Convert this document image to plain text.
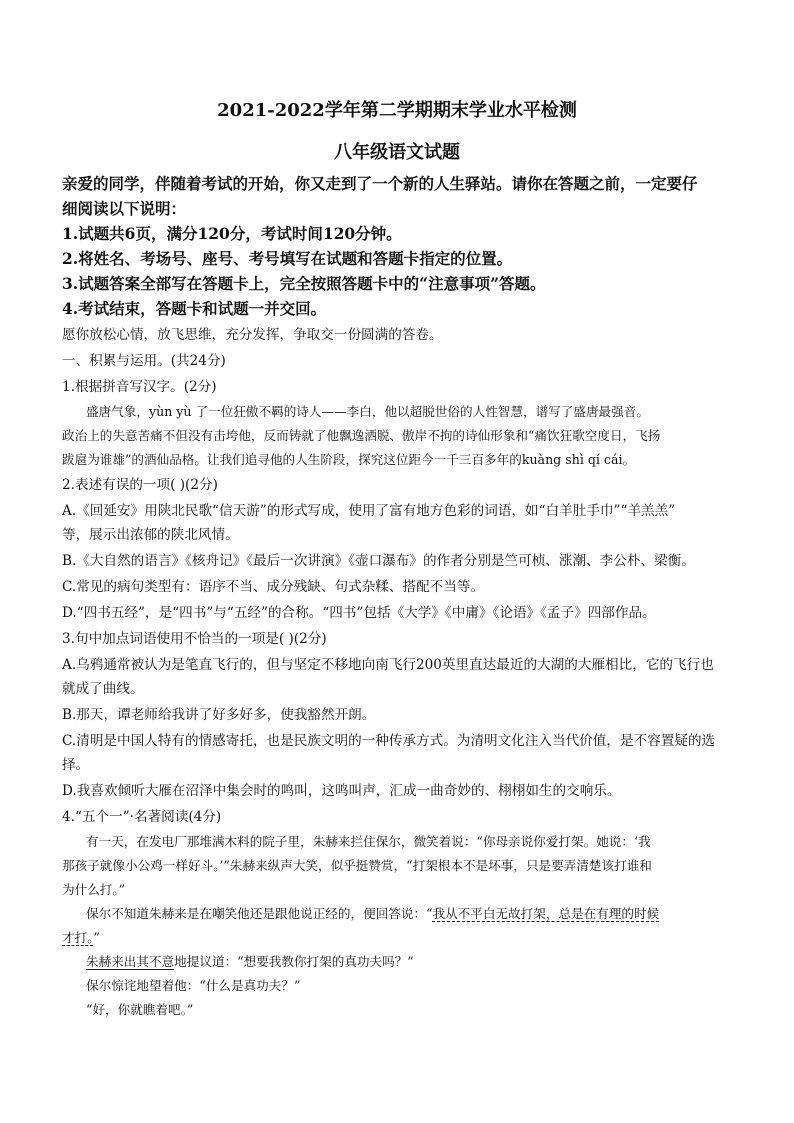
2021-2022学年第二学期期末学业水平检测
八年级语文试题
亲爱的同学，伴随着考试的开始，你又走到了一个新的人生驿站。请你在答题之前，一定要仔
细阅读以下说明：
1.试题共6页，满分120分，考试时间120分钟。
2.将姓名、考场号、座号、考号填写在试题和答题卡指定的位置。
3.试题答案全部写在答题卡上，完全按照答题卡中的“注意事项”答题。
4.考试结束，答题卡和试题一并交回。
愿你放松心情，放飞思维，充分发挥，争取交一份圆满的答卷。
一、积累与运用。(共24分)
1.根据拼音写汉字。(2分)
盛唐气象，yùn yù 了一位狂傲不羁的诗人——李白，他以超脱世俗的人性智慧，谱写了盛唐最强音。
政治上的失意苦痛不但没有击垮他，反而铸就了他飘逸洒脱、傲岸不拘的诗仙形象和“痛饮狂歌空度日，飞扬
跋扈为谁雄”的酒仙品格。让我们追寻他的人生阶段，探究这位距今一千三百多年的kuàng shì qí cái。
2.表述有误的一项( )(2分)
A.《回延安》用陕北民歌“信天游”的形式写成，使用了富有地方色彩的词语，如“白羊肚手巾”“羊羔羔”
等，展示出浓郁的陕北风情。
B.《大自然的语言》《核舟记》《最后一次讲演》《壶口瀑布》的作者分别是竺可桢、涨潮、李公朴、梁衡。
C.常见的病句类型有：语序不当、成分残缺、句式杂糅、搭配不当等。
D.“四书五经”，是“四书”与“五经”的合称。“四书”包括《大学》《中庸》《论语》《孟子》四部作品。
3.句中加点词语使用不恰当的一项是( )(2分)
A.乌鸦通常被认为是笔直飞行的，但与坚定不移地向南飞行200英里直达最近的大湖的大雁相比，它的飞行也
就成了曲线。
B.那天，谭老师给我讲了好多好多，使我豁然开朗。
C.清明是中国人特有的情感寄托，也是民族文明的一种传承方式。为清明文化注入当代价值，是不容置疑的选
择。
D.我喜欢倾听大雁在沼泽中集会时的鸣叫，这鸣叫声，汇成一曲奇妙的、栩栩如生的交响乐。
4.“五个一”·名著阅读(4分)
有一天，在发电厂那堆满木料的院子里，朱赫来拦住保尔，微笑着说：“你母亲说你爱打架。她说：‘我
那孩子就像小公鸡一样好斗。’”朱赫来纵声大笑，似乎挺赞赏，“打架根本不是坏事，只是要弄清楚该打谁和
为什么打。”
保尔不知道朱赫来是在嘲笑他还是跟他说正经的，便回答说：“我从不平白无故打架，总是在有理的时候
才打。”
朱赫来出其不意地提议道：“想要我教你打架的真功夫吗？”
保尔惊诧地望着他：“什么是真功夫？”
“好，你就瞧着吧。”
